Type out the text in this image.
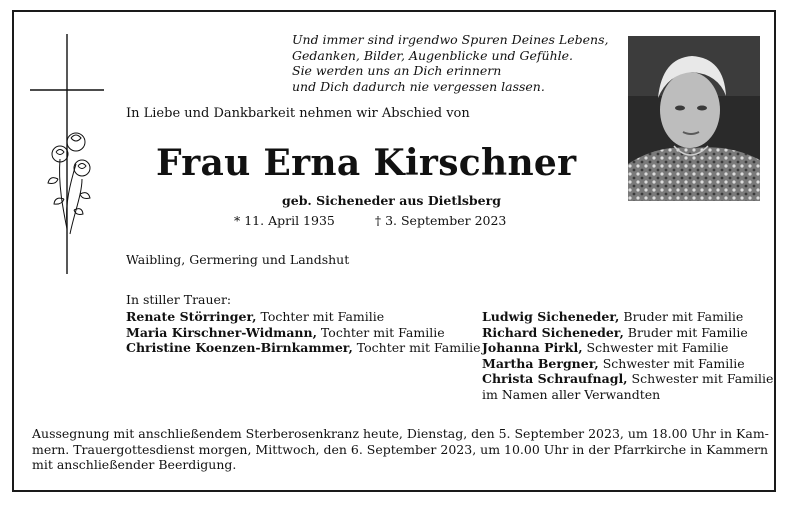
Und immer sind irgendwo Spuren Deines Lebens,
Gedanken, Bilder, Augenblicke und Gefühle.
Sie werden uns an Dich erinnern
und Dich dadurch nie vergessen lassen.
In Liebe und Dankbarkeit nehmen wir Abschied von
Frau Erna Kirschner
geb. Sicheneder aus Dietlsberg
* 11. April 1935	† 3. September 2023
Waibling, Germering und Landshut
In stiller Trauer:
Renate Störringer, Tochter mit Familie
Maria Kirschner-Widmann, Tochter mit Familie
Christine Koenzen-Birnkammer, Tochter mit Familie
Ludwig Sicheneder, Bruder mit Familie
Richard Sicheneder, Bruder mit Familie
Johanna Pirkl, Schwester mit Familie
Martha Bergner, Schwester mit Familie
Christa Schraufnagl, Schwester mit Familie
im Namen aller Verwandten
Aussegnung mit anschließendem Sterberosenkranz heute, Dienstag, den 5. September 2023, um 18.00 Uhr in Kam-
mern. Trauergottesdienst morgen, Mittwoch, den 6. September 2023, um 10.00 Uhr in der Pfarrkirche in Kammern
mit anschließender Beerdigung.
